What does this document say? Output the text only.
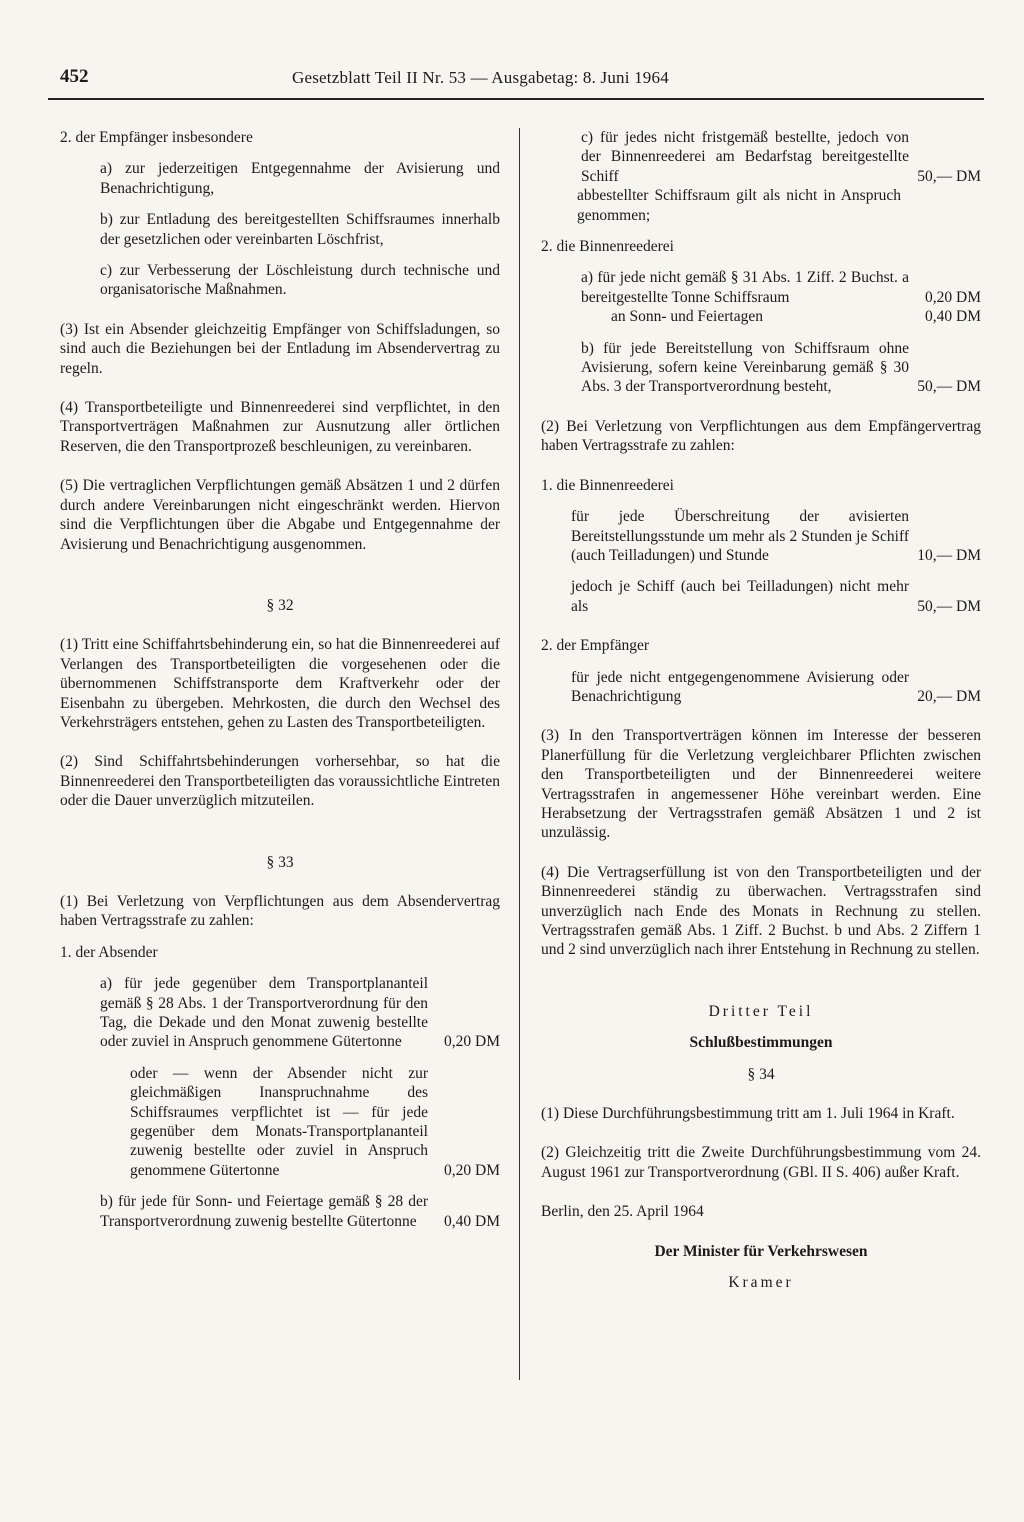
452	Gesetzblatt Teil II Nr. 53 — Ausgabetag: 8. Juni 1964

2. der Empfänger insbesondere

a) zur jederzeitigen Entgegennahme der Avisierung und Benachrichtigung,

b) zur Entladung des bereitgestellten Schiffsraumes innerhalb der gesetzlichen oder vereinbarten Löschfrist,

c) zur Verbesserung der Löschleistung durch technische und organisatorische Maßnahmen.

(3) Ist ein Absender gleichzeitig Empfänger von Schiffsladungen, so sind auch die Beziehungen bei der Entladung im Absendervertrag zu regeln.

(4) Transportbeteiligte und Binnenreederei sind verpflichtet, in den Transportverträgen Maßnahmen zur Ausnutzung aller örtlichen Reserven, die den Transportprozeß beschleunigen, zu vereinbaren.

(5) Die vertraglichen Verpflichtungen gemäß Absätzen 1 und 2 dürfen durch andere Vereinbarungen nicht eingeschränkt werden. Hiervon sind die Verpflichtungen über die Abgabe und Entgegennahme der Avisierung und Benachrichtigung ausgenommen.

§ 32

(1) Tritt eine Schiffahrtsbehinderung ein, so hat die Binnenreederei auf Verlangen des Transportbeteiligten die vorgesehenen oder die übernommenen Schiffstransporte dem Kraftverkehr oder der Eisenbahn zu übergeben. Mehrkosten, die durch den Wechsel des Verkehrsträgers entstehen, gehen zu Lasten des Transportbeteiligten.

(2) Sind Schiffahrtsbehinderungen vorhersehbar, so hat die Binnenreederei den Transportbeteiligten das voraussichtliche Eintreten oder die Dauer unverzüglich mitzuteilen.

§ 33

(1) Bei Verletzung von Verpflichtungen aus dem Absendervertrag haben Vertragsstrafe zu zahlen:

1. der Absender

a) für jede gegenüber dem Transportplananteil gemäß § 28 Abs. 1 der Transportverordnung für den Tag, die Dekade und den Monat zuwenig bestellte oder zuviel in Anspruch genommene Gütertonne	0,20 DM
oder — wenn der Absender nicht zur gleichmäßigen Inanspruchnahme des Schiffsraumes verpflichtet ist — für jede gegenüber dem Monats-Transportplananteil zuwenig bestellte oder zuviel in Anspruch genommene Gütertonne	0,20 DM
b) für jede für Sonn- und Feiertage gemäß § 28 der Transportverordnung zuwenig bestellte Gütertonne	0,40 DM
c) für jedes nicht fristgemäß bestellte, jedoch von der Binnenreederei am Bedarfstag bereitgestellte Schiff	50,— DM

abbestellter Schiffsraum gilt als nicht in Anspruch genommen;

2. die Binnenreederei

a) für jede nicht gemäß § 31 Abs. 1 Ziff. 2 Buchst. a bereitgestellte Tonne Schiffsraum	0,20 DM
an Sonn- und Feiertagen	0,40 DM
b) für jede Bereitstellung von Schiffsraum ohne Avisierung, sofern keine Vereinbarung gemäß § 30 Abs. 3 der Transportverordnung besteht,	50,— DM

(2) Bei Verletzung von Verpflichtungen aus dem Empfängervertrag haben Vertragsstrafe zu zahlen:

1. die Binnenreederei

für jede Überschreitung der avisierten Bereitstellungsstunde um mehr als 2 Stunden je Schiff (auch Teilladungen) und Stunde	10,— DM
jedoch je Schiff (auch bei Teilladungen) nicht mehr als	50,— DM

2. der Empfänger

für jede nicht entgegengenommene Avisierung oder Benachrichtigung	20,— DM

(3) In den Transportverträgen können im Interesse der besseren Planerfüllung für die Verletzung vergleichbarer Pflichten zwischen den Transportbeteiligten und der Binnenreederei weitere Vertragsstrafen in angemessener Höhe vereinbart werden. Eine Herabsetzung der Vertragsstrafen gemäß Absätzen 1 und 2 ist unzulässig.

(4) Die Vertragserfüllung ist von den Transportbeteiligten und der Binnenreederei ständig zu überwachen. Vertragsstrafen sind unverzüglich nach Ende des Monats in Rechnung zu stellen. Vertragsstrafen gemäß Abs. 1 Ziff. 2 Buchst. b und Abs. 2 Ziffern 1 und 2 sind unverzüglich nach ihrer Entstehung in Rechnung zu stellen.

Dritter Teil

Schlußbestimmungen

§ 34

(1) Diese Durchführungsbestimmung tritt am 1. Juli 1964 in Kraft.

(2) Gleichzeitig tritt die Zweite Durchführungsbestimmung vom 24. August 1961 zur Transportverordnung (GBl. II S. 406) außer Kraft.

Berlin, den 25. April 1964

Der Minister für Verkehrswesen

Kramer
